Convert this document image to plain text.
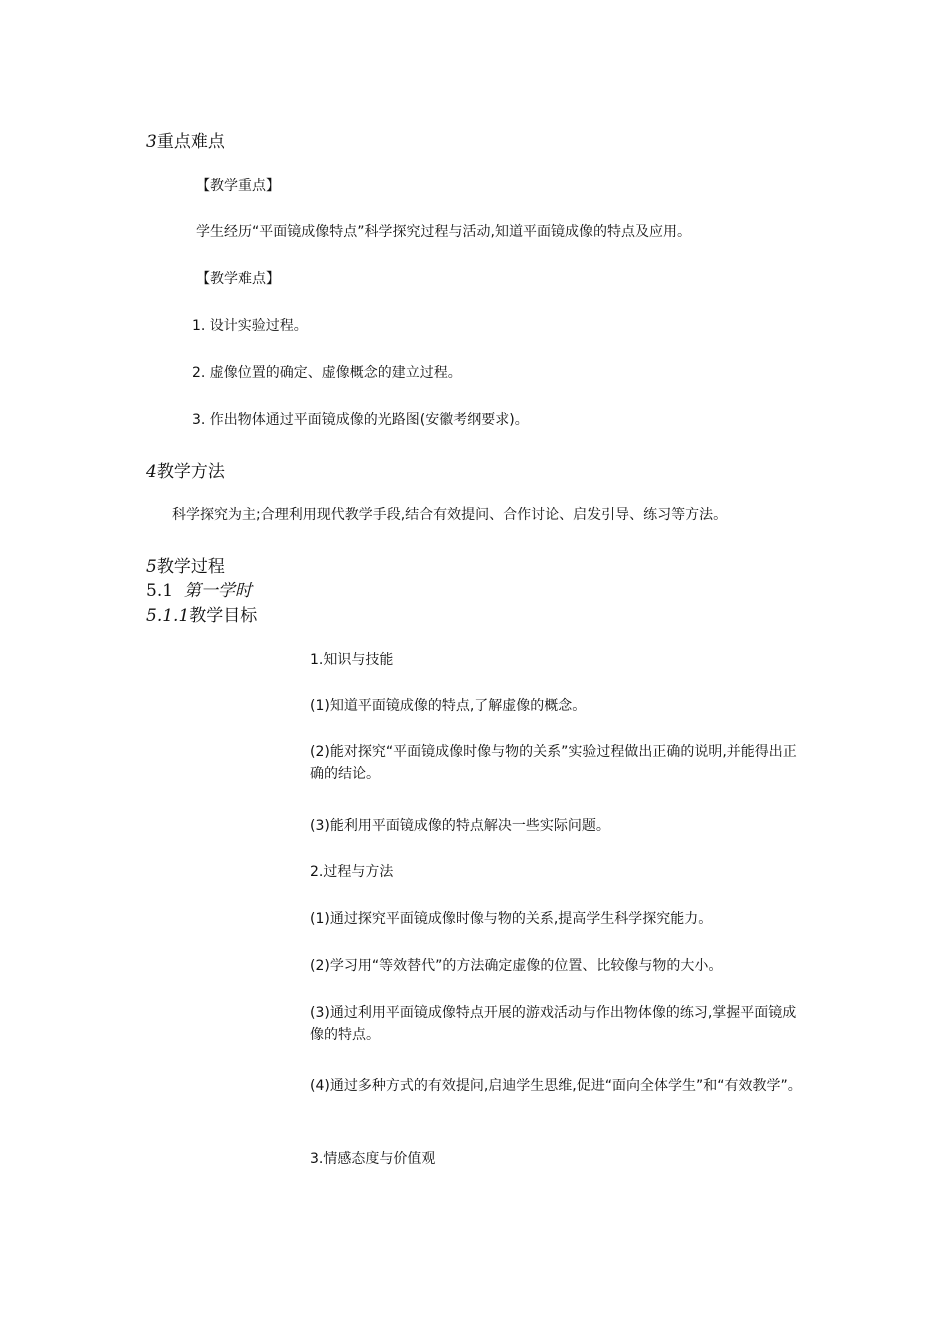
3重点难点
【教学重点】
学生经历“平面镜成像特点”科学探究过程与活动,知道平面镜成像的特点及应用。
【教学难点】
1. 设计实验过程。
2. 虚像位置的确定、虚像概念的建立过程。
3. 作出物体通过平面镜成像的光路图(安徽考纲要求)。
4教学方法
科学探究为主;合理利用现代教学手段,结合有效提问、合作讨论、启发引导、练习等方法。
5教学过程
5.1 第一学时
5.1.1教学目标
1.知识与技能
(1)知道平面镜成像的特点,了解虚像的概念。
(2)能对探究“平面镜成像时像与物的关系”实验过程做出正确的说明,并能得出正确的结论。
(3)能利用平面镜成像的特点解决一些实际问题。
2.过程与方法
(1)通过探究平面镜成像时像与物的关系,提高学生科学探究能力。
(2)学习用“等效替代”的方法确定虚像的位置、比较像与物的大小。
(3)通过利用平面镜成像特点开展的游戏活动与作出物体像的练习,掌握平面镜成像的特点。
(4)通过多种方式的有效提问,启迪学生思维,促进“面向全体学生”和“有效教学”。
3.情感态度与价值观
